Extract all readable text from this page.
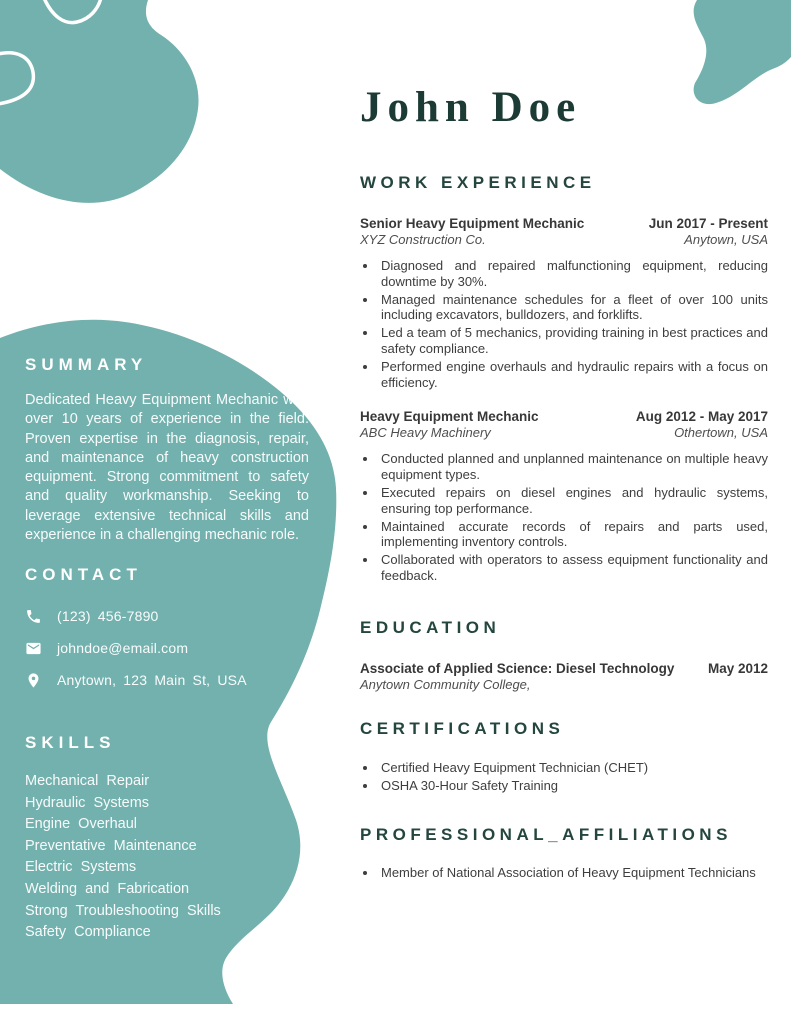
SUMMARY

Dedicated Heavy Equipment Mechanic with over 10 years of experience in the field. Proven expertise in the diagnosis, repair, and maintenance of heavy construction equipment. Strong commitment to safety and quality workmanship. Seeking to leverage extensive technical skills and experience in a challenging mechanic role.

CONTACT
(123) 456-7890
johndoe@email.com
Anytown, 123 Main St, USA
SKILLS
Mechanical Repair
Hydraulic Systems
Engine Overhaul
Preventative Maintenance
Electric Systems
Welding and Fabrication
Strong Troubleshooting Skills
Safety Compliance
John Doe
WORK EXPERIENCE
Senior Heavy Equipment Mechanic	Jun 2017 - Present
XYZ Construction Co.	Anytown, USA
• Diagnosed and repaired malfunctioning equipment, reducing downtime by 30%.
• Managed maintenance schedules for a fleet of over 100 units including excavators, bulldozers, and forklifts.
• Led a team of 5 mechanics, providing training in best practices and safety compliance.
• Performed engine overhauls and hydraulic repairs with a focus on efficiency.
Heavy Equipment Mechanic	Aug 2012 - May 2017
ABC Heavy Machinery	Othertown, USA
• Conducted planned and unplanned maintenance on multiple heavy equipment types.
• Executed repairs on diesel engines and hydraulic systems, ensuring top performance.
• Maintained accurate records of repairs and parts used, implementing inventory controls.
• Collaborated with operators to assess equipment functionality and feedback.
EDUCATION
Associate of Applied Science: Diesel Technology May 2012
Anytown Community College,
CERTIFICATIONS
• Certified Heavy Equipment Technician (CHET)
• OSHA 30-Hour Safety Training
PROFESSIONAL_AFFILIATIONS
• Member of National Association of Heavy Equipment Technicians
